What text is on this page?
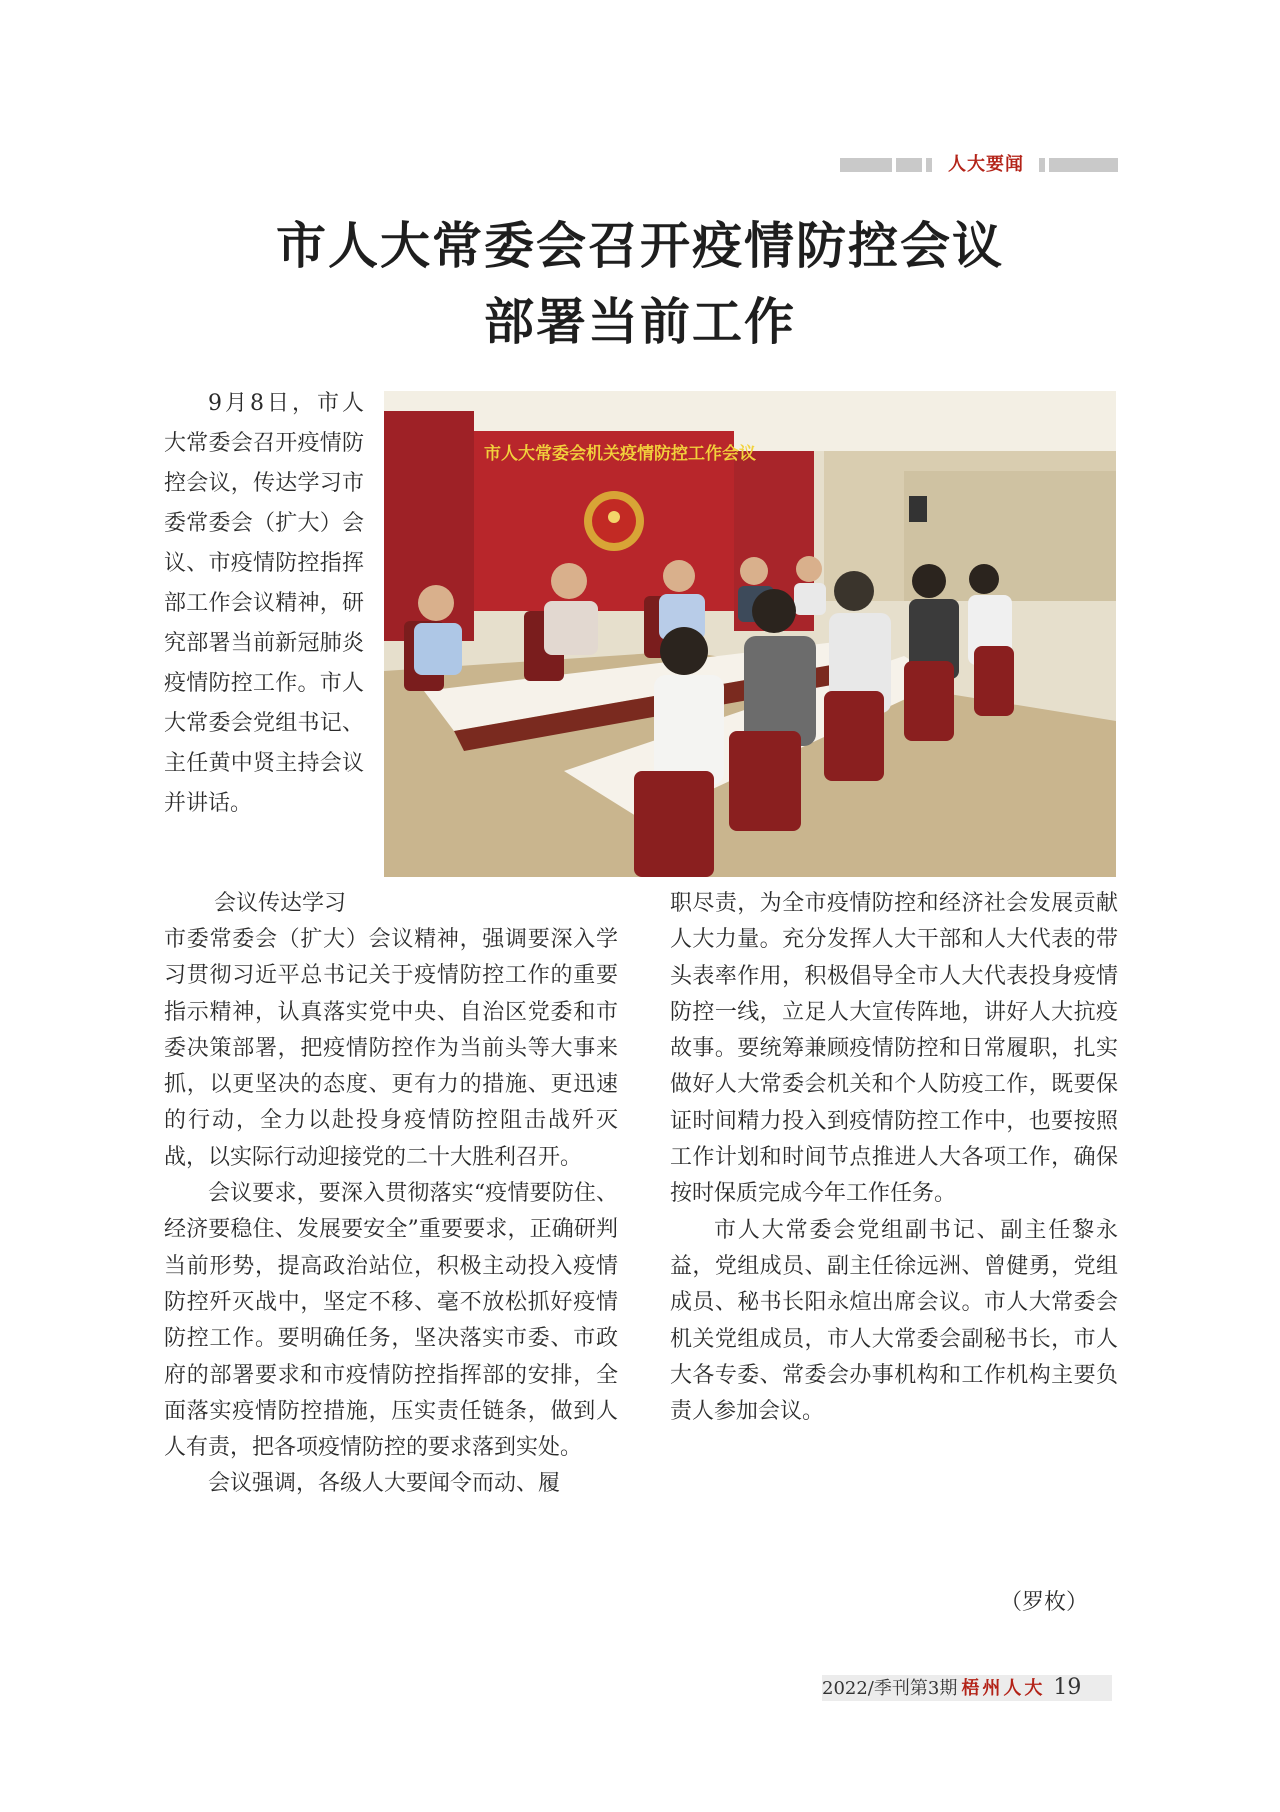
人大要闻
市人大常委会召开疫情防控会议
部署当前工作

9月8日，市人大常委会召开疫情防控会议，传达学习市委常委会（扩大）会议、市疫情防控指挥部工作会议精神，研究部署当前新冠肺炎疫情防控工作。市人大常委会党组书记、主任黄中贤主持会议并讲话。

市人大常委会机关疫情防控工作会议
会议传达学习

市委常委会（扩大）会议精神，强调要深入学习贯彻习近平总书记关于疫情防控工作的重要指示精神，认真落实党中央、自治区党委和市委决策部署，把疫情防控作为当前头等大事来抓，以更坚决的态度、更有力的措施、更迅速的行动，全力以赴投身疫情防控阻击战歼灭战，以实际行动迎接党的二十大胜利召开。

会议要求，要深入贯彻落实“疫情要防住、经济要稳住、发展要安全”重要要求，正确研判当前形势，提高政治站位，积极主动投入疫情防控歼灭战中，坚定不移、毫不放松抓好疫情防控工作。要明确任务，坚决落实市委、市政府的部署要求和市疫情防控指挥部的安排，全面落实疫情防控措施，压实责任链条，做到人人有责，把各项疫情防控的要求落到实处。

会议强调，各级人大要闻令而动、履

职尽责，为全市疫情防控和经济社会发展贡献人大力量。充分发挥人大干部和人大代表的带头表率作用，积极倡导全市人大代表投身疫情防控一线，立足人大宣传阵地，讲好人大抗疫故事。要统筹兼顾疫情防控和日常履职，扎实做好人大常委会机关和个人防疫工作，既要保证时间精力投入到疫情防控工作中，也要按照工作计划和时间节点推进人大各项工作，确保按时保质完成今年工作任务。

市人大常委会党组副书记、副主任黎永益，党组成员、副主任徐远洲、曾健勇，党组成员、秘书长阳永煊出席会议。市人大常委会机关党组成员，市人大常委会副秘书长，市人大各专委、常委会办事机构和工作机构主要负责人参加会议。

（罗枚）
2022/季刊第3期 梧州人大 19
